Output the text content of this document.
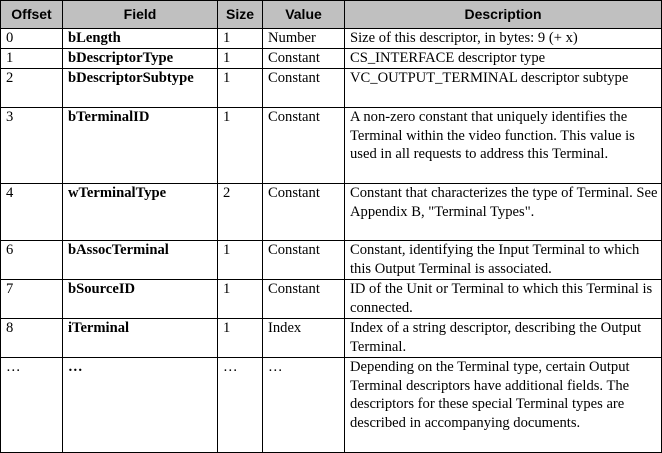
Offset	Field	Size	Value	Description
0	bLength	1	Number	Size of this descriptor, in bytes: 9 (+ x)
1	bDescriptorType	1	Constant	CS_INTERFACE descriptor type
2	bDescriptorSubtype	1	Constant	VC_OUTPUT_TERMINAL descriptor subtype
3	bTerminalID	1	Constant	A non-zero constant that uniquely identifies the Terminal within the video function. This value is used in all requests to address this Terminal.
4	wTerminalType	2	Constant	Constant that characterizes the type of Terminal. See Appendix B, "Terminal Types".
6	bAssocTerminal	1	Constant	Constant, identifying the Input Terminal to which this Output Terminal is associated.
7	bSourceID	1	Constant	ID of the Unit or Terminal to which this Terminal is connected.
8	iTerminal	1	Index	Index of a string descriptor, describing the Output Terminal.
…	…	…	…	Depending on the Terminal type, certain Output Terminal descriptors have additional fields. The descriptors for these special Terminal types are described in accompanying documents.
